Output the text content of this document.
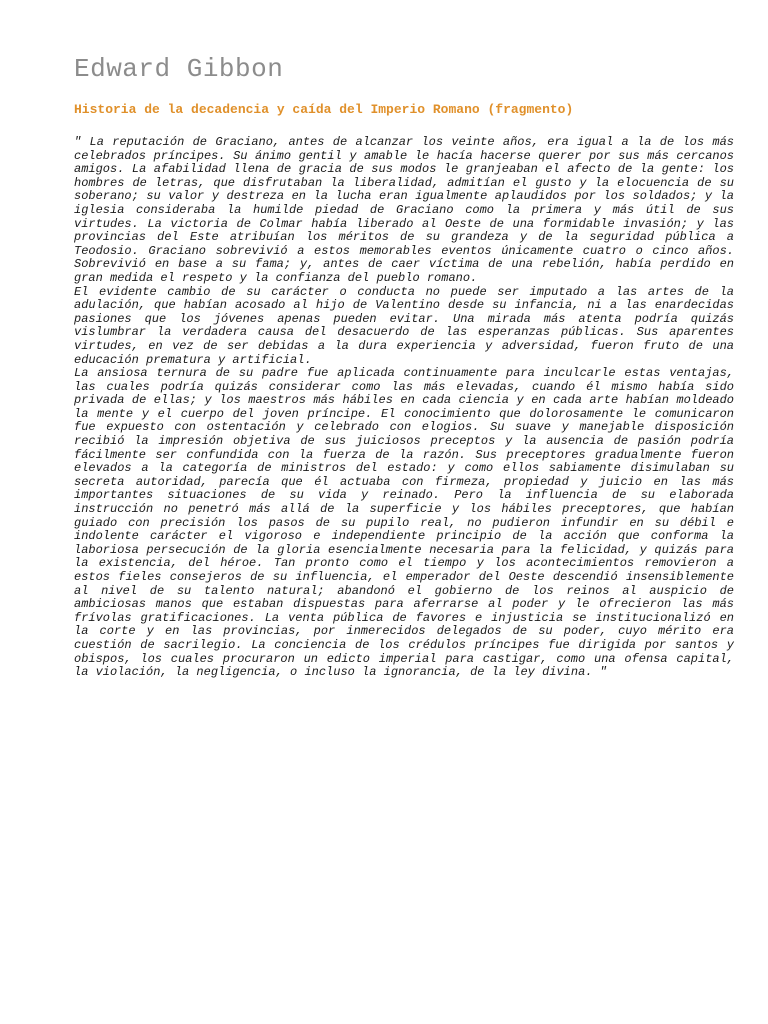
Edward Gibbon
Historia de la decadencia y caída del Imperio Romano (fragmento)

" La reputación de Graciano, antes de alcanzar los veinte años, era igual a la de los más celebrados príncipes. Su ánimo gentil y amable le hacía hacerse querer por sus más cercanos amigos. La afabilidad llena de gracia de sus modos le granjeaban el afecto de la gente: los hombres de letras, que disfrutaban la liberalidad, admitían el gusto y la elocuencia de su soberano; su valor y destreza en la lucha eran igualmente aplaudidos por los soldados; y la iglesia consideraba la humilde piedad de Graciano como la primera y más útil de sus virtudes. La victoria de Colmar había liberado al Oeste de una formidable invasión; y las provincias del Este atribuían los méritos de su grandeza y de la seguridad pública a Teodosio. Graciano sobrevivió a estos memorables eventos únicamente cuatro o cinco años. Sobrevivió en base a su fama; y, antes de caer víctima de una rebelión, había perdido en gran medida el respeto y la confianza del pueblo romano.

El evidente cambio de su carácter o conducta no puede ser imputado a las artes de la adulación, que habían acosado al hijo de Valentino desde su infancia, ni a las enardecidas pasiones que los jóvenes apenas pueden evitar. Una mirada más atenta podría quizás vislumbrar la verdadera causa del desacuerdo de las esperanzas públicas. Sus aparentes virtudes, en vez de ser debidas a la dura experiencia y adversidad, fueron fruto de una educación prematura y artificial.

La ansiosa ternura de su padre fue aplicada continuamente para inculcarle estas ventajas, las cuales podría quizás considerar como las más elevadas, cuando él mismo había sido privada de ellas; y los maestros más hábiles en cada ciencia y en cada arte habían moldeado la mente y el cuerpo del joven príncipe. El conocimiento que dolorosamente le comunicaron fue expuesto con ostentación y celebrado con elogios. Su suave y manejable disposición recibió la impresión objetiva de sus juiciosos preceptos y la ausencia de pasión podría fácilmente ser confundida con la fuerza de la razón. Sus preceptores gradualmente fueron elevados a la categoría de ministros del estado: y como ellos sabiamente disimulaban su secreta autoridad, parecía que él actuaba con firmeza, propiedad y juicio en las más importantes situaciones de su vida y reinado. Pero la influencia de su elaborada instrucción no penetró más allá de la superficie y los hábiles preceptores, que habían guiado con precisión los pasos de su pupilo real, no pudieron infundir en su débil e indolente carácter el vigoroso e independiente principio de la acción que conforma la laboriosa persecución de la gloria esencialmente necesaria para la felicidad, y quizás para la existencia, del héroe. Tan pronto como el tiempo y los acontecimientos removieron a estos fieles consejeros de su influencia, el emperador del Oeste descendió insensiblemente al nivel de su talento natural; abandonó el gobierno de los reinos al auspicio de ambiciosas manos que estaban dispuestas para aferrarse al poder y le ofrecieron las más frívolas gratificaciones. La venta pública de favores e injusticia se institucionalizó en la corte y en las provincias, por inmerecidos delegados de su poder, cuyo mérito era cuestión de sacrilegio. La conciencia de los crédulos príncipes fue dirigida por santos y obispos, los cuales procuraron un edicto imperial para castigar, como una ofensa capital, la violación, la negligencia, o incluso la ignorancia, de la ley divina. "
